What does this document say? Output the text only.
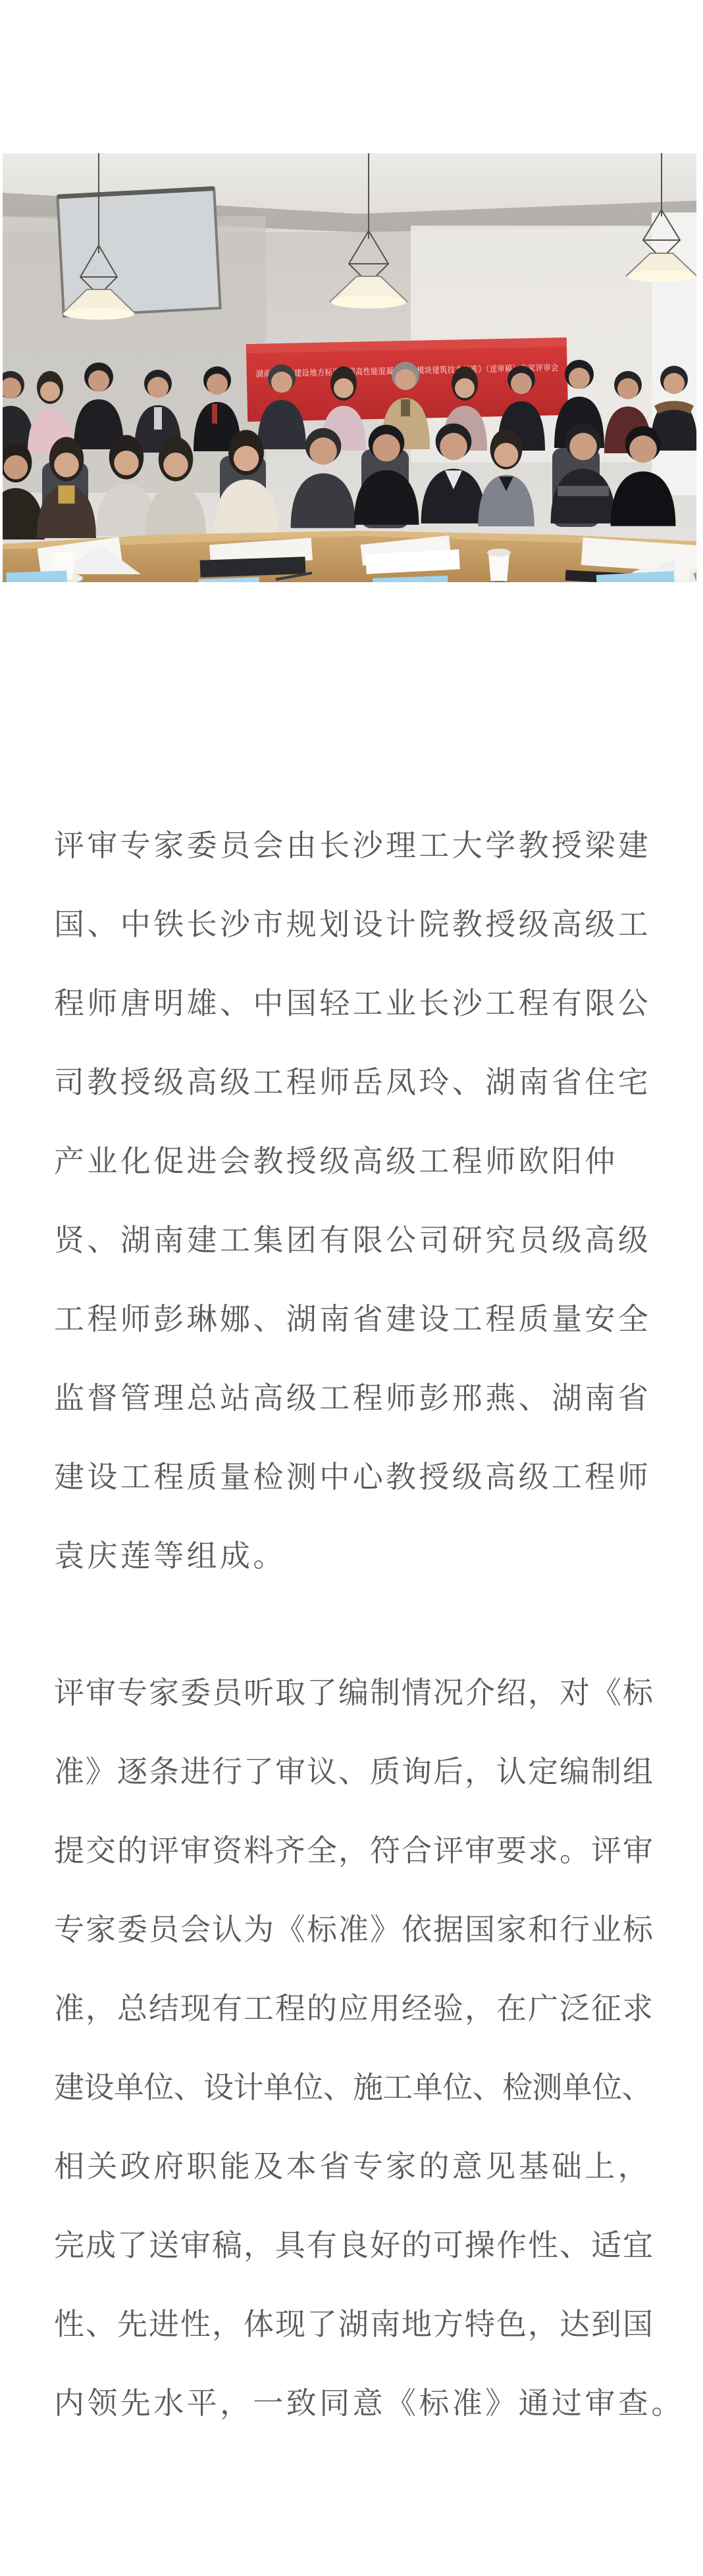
湖南省工程建设地方标准《超高性能混凝土集成模块建筑技术标准》（送审稿）专家评审会
评审专家委员会由长沙理工大学教授梁建
国、中铁长沙市规划设计院教授级高级工
程师唐明雄、中国轻工业长沙工程有限公
司教授级高级工程师岳凤玲、湖南省住宅
产业化促进会教授级高级工程师欧阳仲
贤、湖南建工集团有限公司研究员级高级
工程师彭琳娜、湖南省建设工程质量安全
监督管理总站高级工程师彭邢燕、湖南省
建设工程质量检测中心教授级高级工程师
袁庆莲等组成。
评审专家委员听取了编制情况介绍，对《标
准》逐条进行了审议、质询后，认定编制组
提交的评审资料齐全，符合评审要求。评审
专家委员会认为《标准》依据国家和行业标
准，总结现有工程的应用经验，在广泛征求
建设单位、设计单位、施工单位、检测单位、
相关政府职能及本省专家的意见基础上，
完成了送审稿，具有良好的可操作性、适宜
性、先进性，体现了湖南地方特色，达到国
内领先水平，一致同意《标准》通过审查。
